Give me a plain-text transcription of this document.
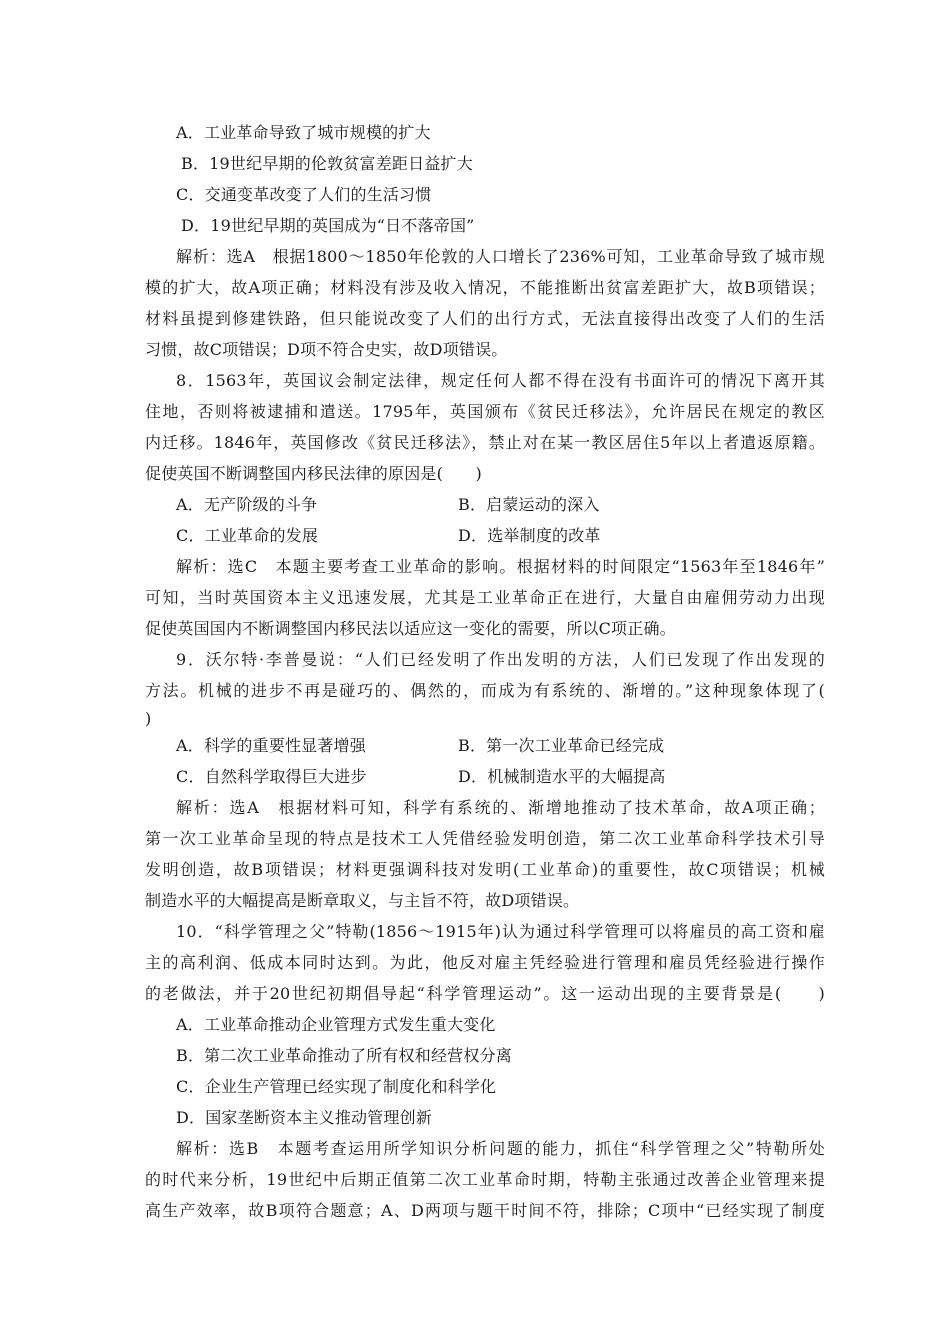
A．工业革命导致了城市规模的扩大
B．19世纪早期的伦敦贫富差距日益扩大
C．交通变革改变了人们的生活习惯
D．19世纪早期的英国成为“日不落帝国”
解析：选A　根据1800～1850年伦敦的人口增长了236%可知，工业革命导致了城市规
模的扩大，故A项正确；材料没有涉及收入情况，不能推断出贫富差距扩大，故B项错误；
材料虽提到修建铁路，但只能说改变了人们的出行方式，无法直接得出改变了人们的生活
习惯，故C项错误；D项不符合史实，故D项错误。
8．1563年，英国议会制定法律，规定任何人都不得在没有书面许可的情况下离开其
住地，否则将被逮捕和遣送。1795年，英国颁布《贫民迁移法》，允许居民在规定的教区
内迁移。1846年，英国修改《贫民迁移法》，禁止对在某一教区居住5年以上者遣返原籍。
促使英国不断调整国内移民法律的原因是(　　)
A．无产阶级的斗争	B．启蒙运动的深入
C．工业革命的发展	D．选举制度的改革
解析：选C　本题主要考查工业革命的影响。根据材料的时间限定“1563年至1846年”
可知，当时英国资本主义迅速发展，尤其是工业革命正在进行，大量自由雇佣劳动力出现
促使英国国内不断调整国内移民法以适应这一变化的需要，所以C项正确。
9．沃尔特·李普曼说：“人们已经发明了作出发明的方法，人们已发现了作出发现的
方法。机械的进步不再是碰巧的、偶然的，而成为有系统的、渐增的。”这种现象体现了(
)
A．科学的重要性显著增强	B．第一次工业革命已经完成
C．自然科学取得巨大进步	D．机械制造水平的大幅提高
解析：选A　根据材料可知，科学有系统的、渐增地推动了技术革命，故A项正确；
第一次工业革命呈现的特点是技术工人凭借经验发明创造，第二次工业革命科学技术引导
发明创造，故B项错误；材料更强调科技对发明(工业革命)的重要性，故C项错误；机械
制造水平的大幅提高是断章取义，与主旨不符，故D项错误。
10．“科学管理之父”特勒(1856～1915年)认为通过科学管理可以将雇员的高工资和雇
主的高利润、低成本同时达到。为此，他反对雇主凭经验进行管理和雇员凭经验进行操作
的老做法，并于20世纪初期倡导起“科学管理运动”。这一运动出现的主要背景是(　　)
A．工业革命推动企业管理方式发生重大变化
B．第二次工业革命推动了所有权和经营权分离
C．企业生产管理已经实现了制度化和科学化
D．国家垄断资本主义推动管理创新
解析：选B　本题考查运用所学知识分析问题的能力，抓住“科学管理之父”特勒所处
的时代来分析，19世纪中后期正值第二次工业革命时期，特勒主张通过改善企业管理来提
高生产效率，故B项符合题意；A、D两项与题干时间不符，排除；C项中“已经实现了制度
